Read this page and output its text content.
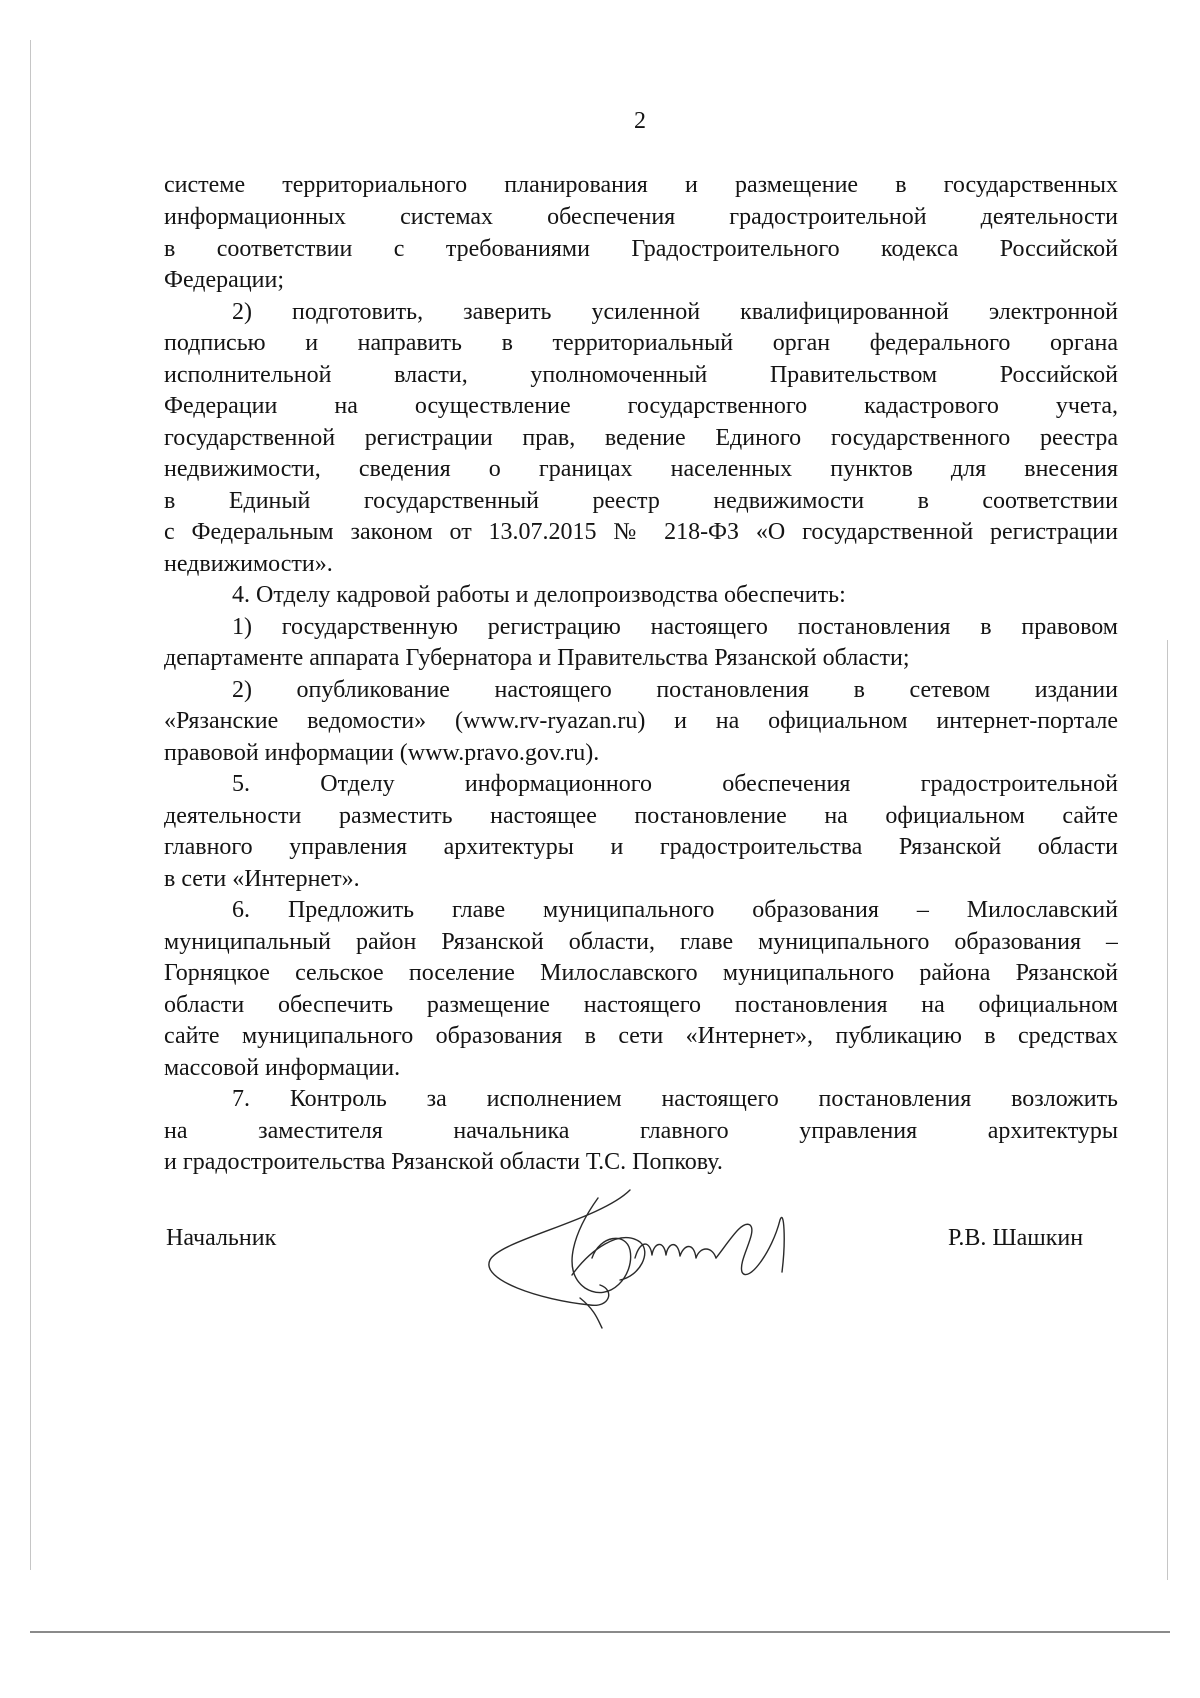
2
системе территориального планирования и размещение в государственных
информационных системах обеспечения градостроительной деятельности
в соответствии с требованиями Градостроительного кодекса Российской
Федерации;
2) подготовить, заверить усиленной квалифицированной электронной
подписью и направить в территориальный орган федерального органа
исполнительной власти, уполномоченный Правительством Российской
Федерации на осуществление государственного кадастрового учета,
государственной регистрации прав, ведение Единого государственного реестра
недвижимости, сведения о границах населенных пунктов для внесения
в Единый государственный реестр недвижимости в соответствии
с Федеральным законом от 13.07.2015 № 218-ФЗ «О государственной регистрации
недвижимости».
4. Отделу кадровой работы и делопроизводства обеспечить:
1) государственную регистрацию настоящего постановления в правовом
департаменте аппарата Губернатора и Правительства Рязанской области;
2) опубликование настоящего постановления в сетевом издании
«Рязанские ведомости» (www.rv-ryazan.ru) и на официальном интернет-портале
правовой информации (www.pravo.gov.ru).
5. Отделу информационного обеспечения градостроительной
деятельности разместить настоящее постановление на официальном сайте
главного управления архитектуры и градостроительства Рязанской области
в сети «Интернет».
6. Предложить главе муниципального образования – Милославский
муниципальный район Рязанской области, главе муниципального образования –
Горняцкое сельское поселение Милославского муниципального района Рязанской
области обеспечить размещение настоящего постановления на официальном
сайте муниципального образования в сети «Интернет», публикацию в средствах
массовой информации.
7. Контроль за исполнением настоящего постановления возложить
на заместителя начальника главного управления архитектуры
и градостроительства Рязанской области Т.С. Попкову.
Начальник	Р.В. Шашкин
